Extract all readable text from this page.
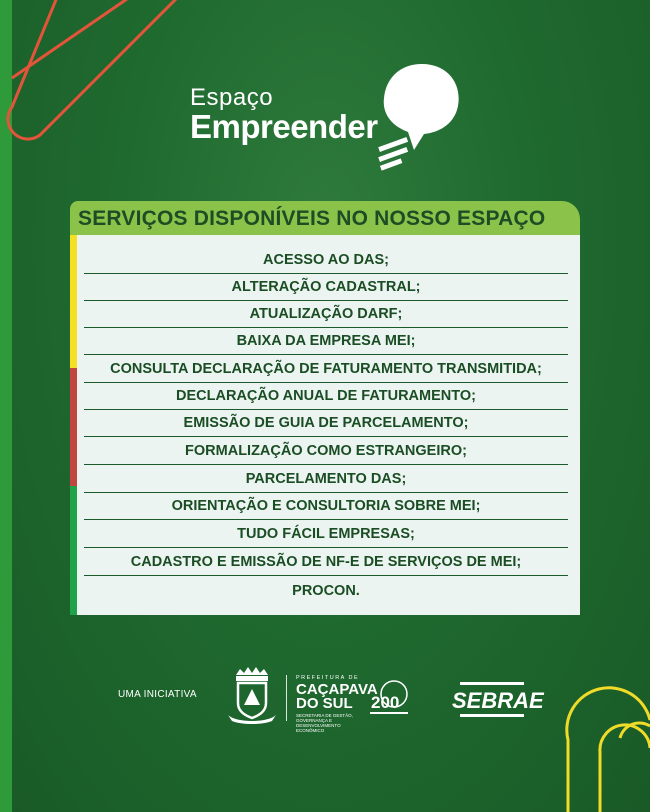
Espaço
Empreender
SERVIÇOS DISPONÍVEIS NO NOSSO ESPAÇO
ACESSO AO DAS;
ALTERAÇÃO CADASTRAL;
ATUALIZAÇÃO DARF;
BAIXA DA EMPRESA MEI;
CONSULTA DECLARAÇÃO DE FATURAMENTO TRANSMITIDA;
DECLARAÇÃO ANUAL DE FATURAMENTO;
EMISSÃO DE GUIA DE PARCELAMENTO;
FORMALIZAÇÃO COMO ESTRANGEIRO;
PARCELAMENTO DAS;
ORIENTAÇÃO E CONSULTORIA SOBRE MEI;
TUDO FÁCIL EMPRESAS;
CADASTRO E EMISSÃO DE NF-E DE SERVIÇOS DE MEI;
PROCON.
UMA INICIATIVA
PREFEITURA DE
CAÇAPAVA
DO SUL
SECRETARIA DE GESTÃO, GOVERNANÇA E DESENVOLVIMENTO ECONÔMICO
200 SEBRAE
